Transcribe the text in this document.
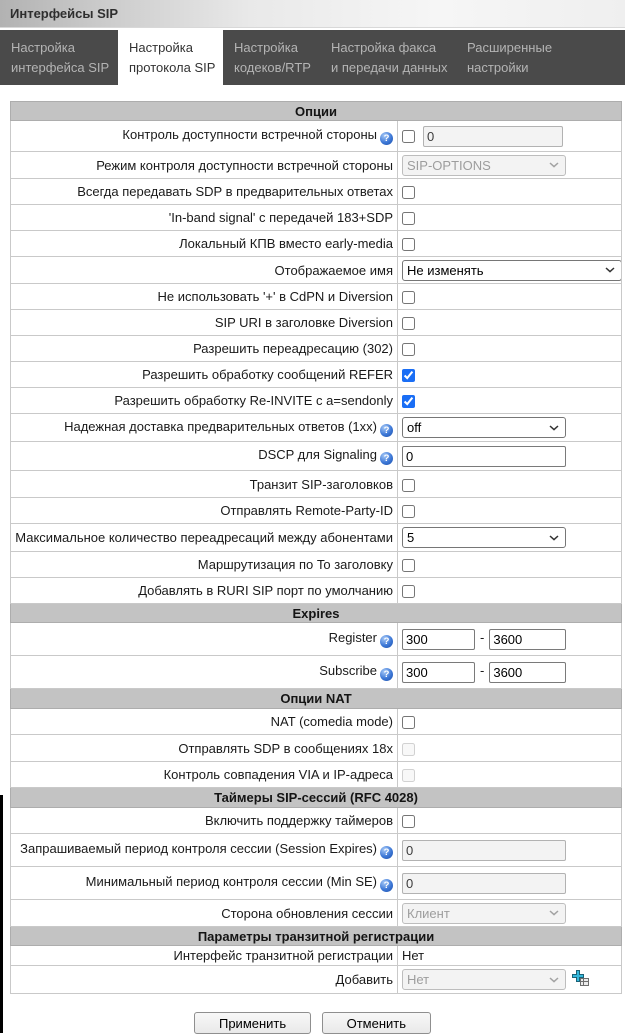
Интерфейсы SIP
Настройка
интерфейса SIP
Настройка
протокола SIP
Настройка
кодеков/RTP
Настройка факса
и передачи данных
Расширенные
настройки
Опции	
Контроль доступности встречной стороны ?	0
Режим контроля доступности встречной стороны	SIP-OPTIONS

Всегда передавать SDP в предварительных ответах	
'In-band signal' с передачей 183+SDP	
Локальный КПВ вместо early-media	
Отображаемое имя	Не изменять

Не использовать '+' в CdPN и Diversion	
SIP URI в заголовке Diversion	
Разрешить переадресацию (302)	
Разрешить обработку сообщений REFER	
Разрешить обработку Re-INVITE с a=sendonly	
Надежная доставка предварительных ответов (1xx) ?	off

DSCP для Signaling ?	0
Транзит SIP-заголовков	
Отправлять Remote-Party-ID	
Максимальное количество переадресаций между абонентами	5

Маршрутизация по To заголовку	
Добавлять в RURI SIP порт по умолчанию	
Expires	
Register ?	300-3600
Subscribe ?	300-3600
Опции NAT	
NAT (comedia mode)	
Отправлять SDP в сообщениях 18x	
Контроль совпадения VIA и IP-адреса	
Таймеры SIP-сессий (RFC 4028)	
Включить поддержку таймеров	
Запрашиваемый период контроля сессии (Session Expires) ?	0
Минимальный период контроля сессии (Min SE) ?	0
Сторона обновления сессии	Клиент

Параметры транзитной регистрации	
Интерфейс транзитной регистрации	Нет
Добавить	Нет
Применить	Отменить
